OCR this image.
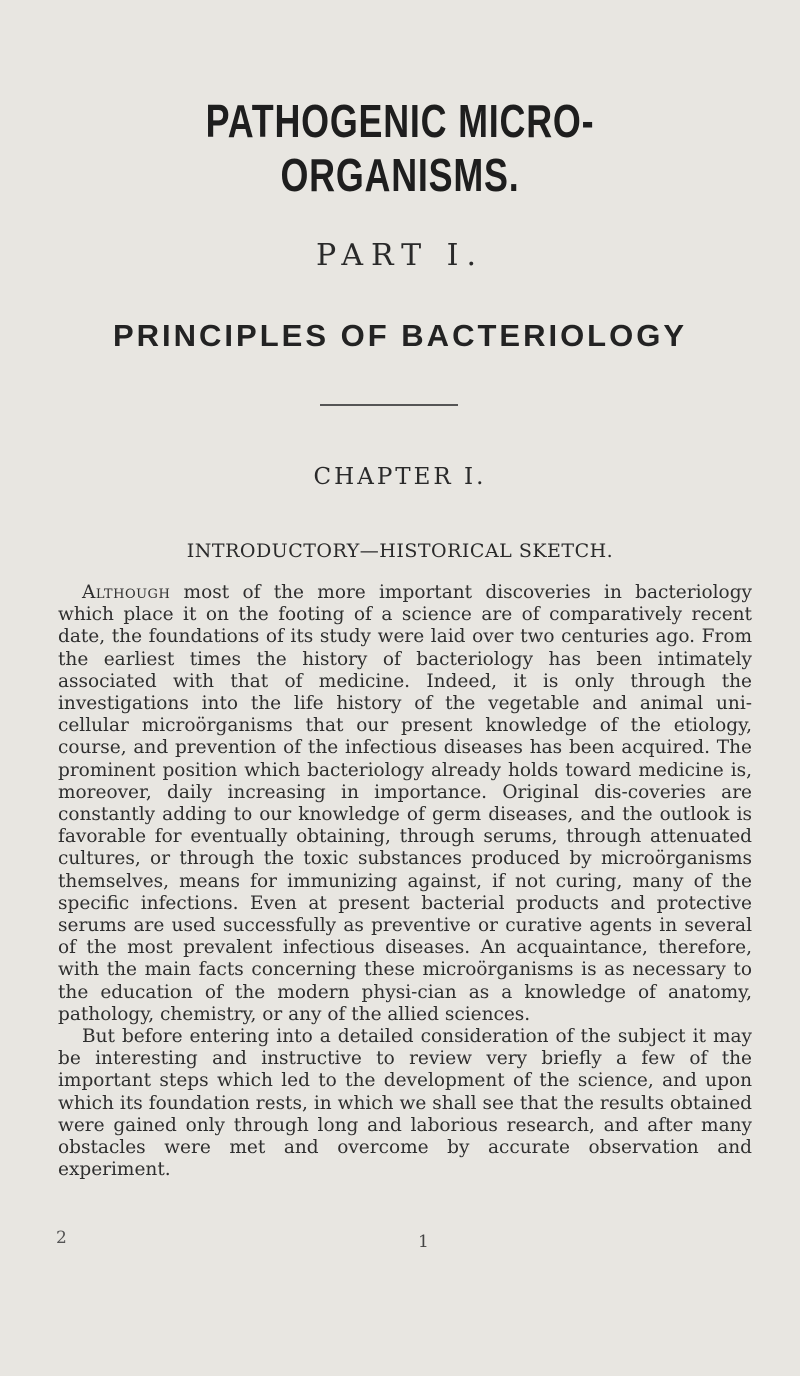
PATHOGENIC MICRO-ORGANISMS.
PART I.
PRINCIPLES OF BACTERIOLOGY
CHAPTER I.
INTRODUCTORY—HISTORICAL SKETCH.

Although most of the more important discoveries in bacteriology which place it on the footing of a science are of comparatively recent date, the foundations of its study were laid over two centuries ago. From the earliest times the history of bacteriology has been intimately associated with that of medicine. Indeed, it is only through the investigations into the life history of the vegetable and animal uni-cellular microörganisms that our present knowledge of the etiology, course, and prevention of the infectious diseases has been acquired. The prominent position which bacteriology already holds toward medicine is, moreover, daily increasing in importance. Original dis-coveries are constantly adding to our knowledge of germ diseases, and the outlook is favorable for eventually obtaining, through serums, through attenuated cultures, or through the toxic substances produced by microörganisms themselves, means for immunizing against, if not curing, many of the specific infections. Even at present bacterial products and protective serums are used successfully as preventive or curative agents in several of the most prevalent infectious diseases. An acquaintance, therefore, with the main facts concerning these microörganisms is as necessary to the education of the modern physi-cian as a knowledge of anatomy, pathology, chemistry, or any of the allied sciences.

But before entering into a detailed consideration of the subject it may be interesting and instructive to review very briefly a few of the important steps which led to the development of the science, and upon which its foundation rests, in which we shall see that the results obtained were gained only through long and laborious research, and after many obstacles were met and overcome by accurate observation and experiment.

2	1
